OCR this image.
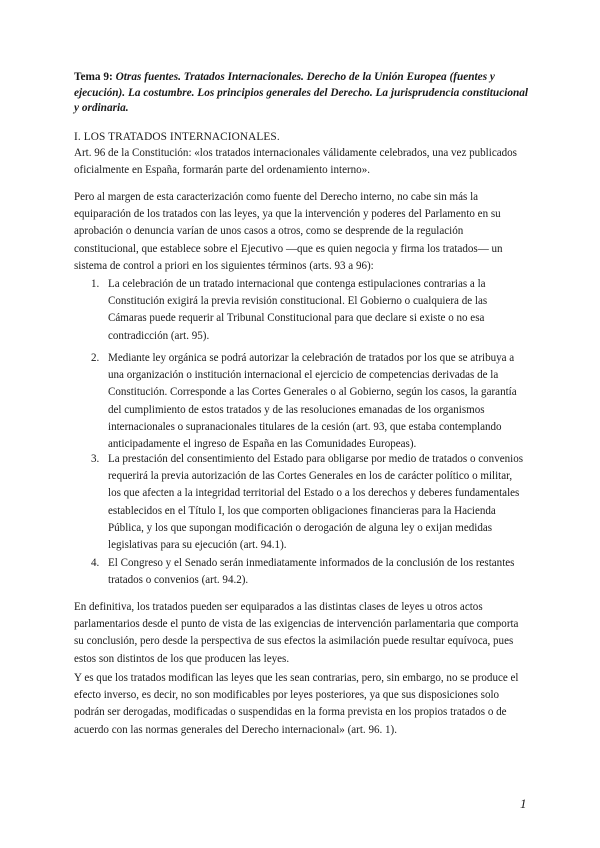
Tema 9: Otras fuentes. Tratados Internacionales. Derecho de la Unión Europea (fuentes y ejecución). La costumbre. Los principios generales del Derecho. La jurisprudencia constitucional y ordinaria.
I. LOS TRATADOS INTERNACIONALES.

Art. 96 de la Constitución: «los tratados internacionales válidamente celebrados, una vez publicados oficialmente en España, formarán parte del ordenamiento interno».

Pero al margen de esta caracterización como fuente del Derecho interno, no cabe sin más la equiparación de los tratados con las leyes, ya que la intervención y poderes del Parlamento en su aprobación o denuncia varían de unos casos a otros, como se desprende de la regulación constitucional, que establece sobre el Ejecutivo —que es quien negocia y firma los tratados— un sistema de control a priori en los siguientes términos (arts. 93 a 96):

1. La celebración de un tratado internacional que contenga estipulaciones contrarias a la Constitución exigirá la previa revisión constitucional. El Gobierno o cualquiera de las Cámaras puede requerir al Tribunal Constitucional para que declare si existe o no esa contradicción (art. 95).
2. Mediante ley orgánica se podrá autorizar la celebración de tratados por los que se atribuya a una organización o institución internacional el ejercicio de competencias derivadas de la Constitución. Corresponde a las Cortes Generales o al Gobierno, según los casos, la garantía del cumplimiento de estos tratados y de las resoluciones emanadas de los organismos internacionales o supranacionales titulares de la cesión (art. 93, que estaba contemplando anticipadamente el ingreso de España en las Comunidades Europeas).
3. La prestación del consentimiento del Estado para obligarse por medio de tratados o convenios requerirá la previa autorización de las Cortes Generales en los de carácter político o militar, los que afecten a la integridad territorial del Estado o a los derechos y deberes fundamentales establecidos en el Título I, los que comporten obligaciones financieras para la Hacienda Pública, y los que supongan modificación o derogación de alguna ley o exijan medidas legislativas para su ejecución (art. 94.1).
4. El Congreso y el Senado serán inmediatamente informados de la conclusión de los restantes tratados o convenios (art. 94.2).

En definitiva, los tratados pueden ser equiparados a las distintas clases de leyes u otros actos parlamentarios desde el punto de vista de las exigencias de intervención parlamentaria que comporta su conclusión, pero desde la perspectiva de sus efectos la asimilación puede resultar equívoca, pues estos son distintos de los que producen las leyes.

Y es que los tratados modifican las leyes que les sean contrarias, pero, sin embargo, no se produce el efecto inverso, es decir, no son modificables por leyes posteriores, ya que sus disposiciones solo podrán ser derogadas, modificadas o suspendidas en la forma prevista en los propios tratados o de acuerdo con las normas generales del Derecho internacional» (art. 96. 1).

1
